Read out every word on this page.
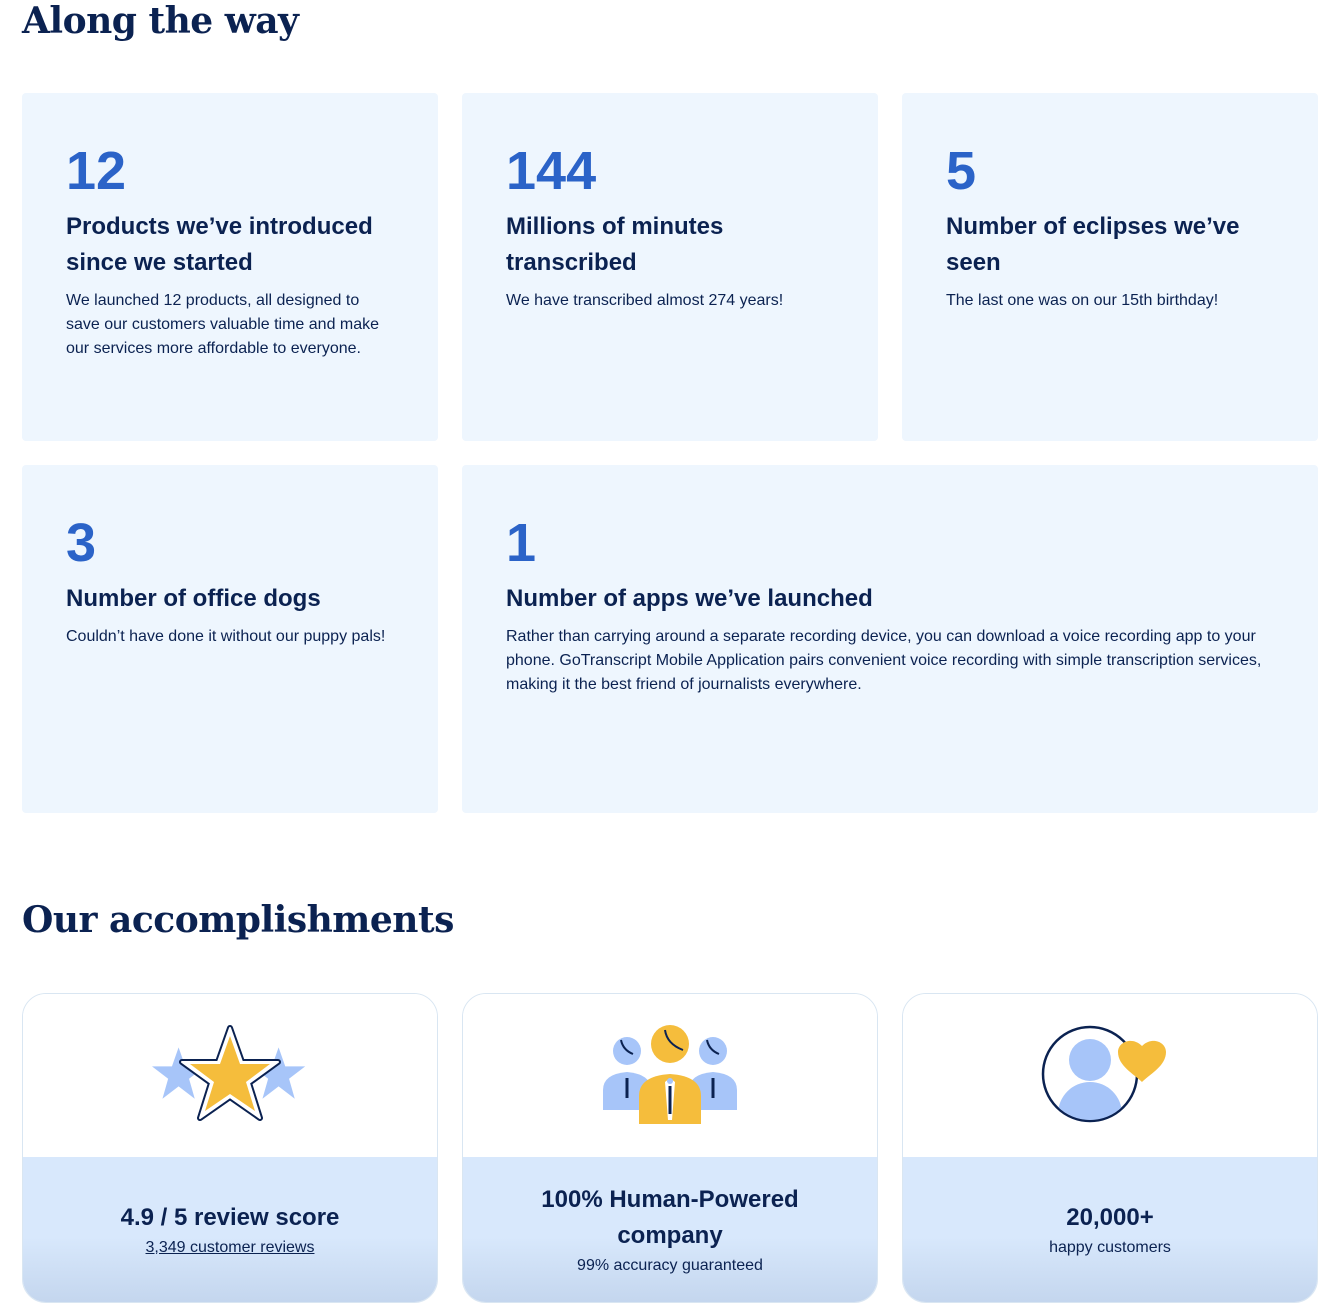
Along the way
12
Products we’ve introduced since we started
We launched 12 products, all designed to save our customers valuable time and make our services more affordable to everyone.
144
Millions of minutes transcribed
We have transcribed almost 274 years!
5
Number of eclipses we’ve seen
The last one was on our 15th birthday!
3
Number of office dogs
Couldn’t have done it without our puppy pals!
1
Number of apps we’ve launched
Rather than carrying around a separate recording device, you can download a voice recording app to your phone. GoTranscript Mobile Application pairs convenient voice recording with simple transcription services, making it the best friend of journalists everywhere.
Our accomplishments
4.9 / 5 review score
3,349 customer reviews
100% Human-Powered company
99% accuracy guaranteed
20,000+
happy customers
